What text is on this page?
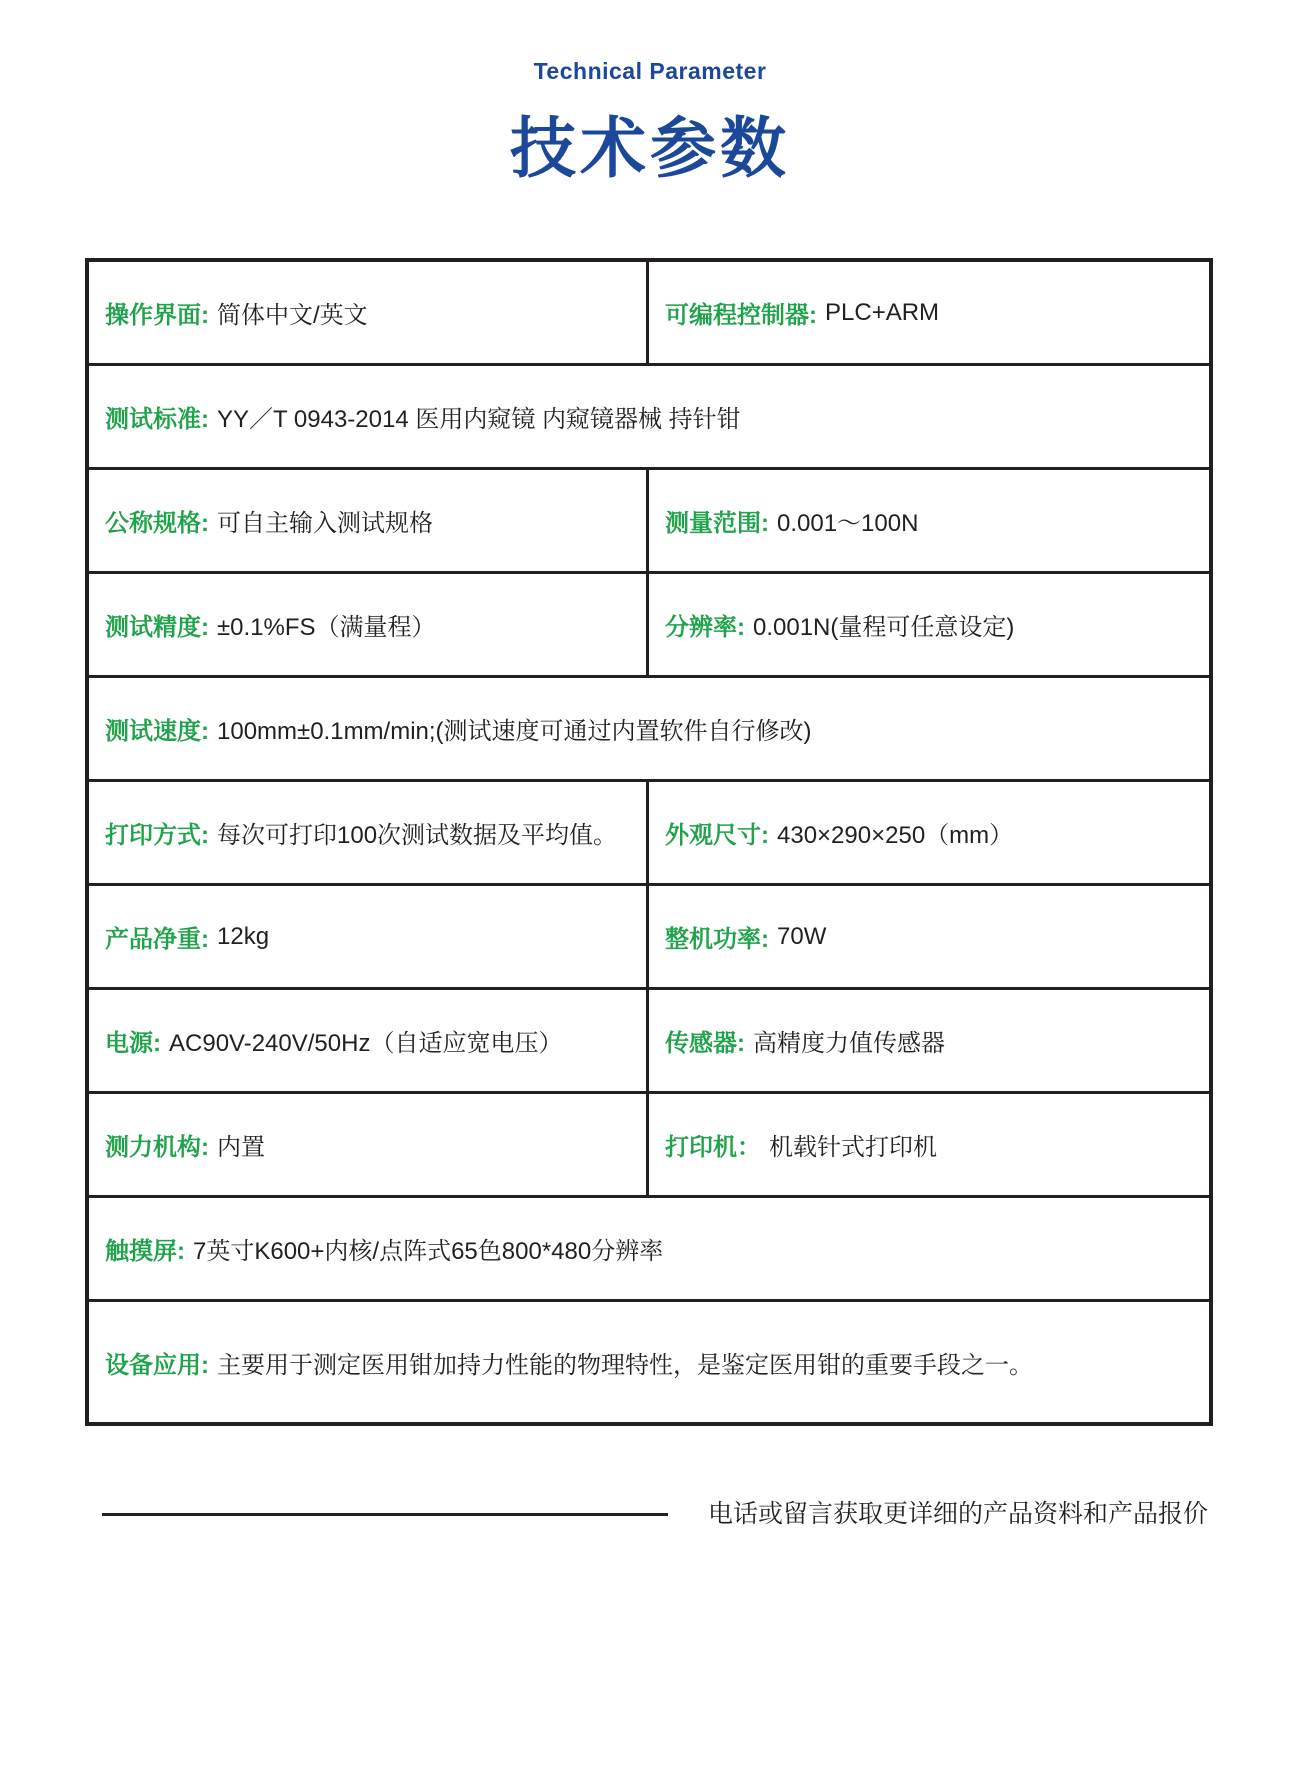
Technical Parameter
技术参数
操作界面: 简体中文/英文	可编程控制器: PLC+ARM
测试标准: YY／T 0943-2014 医用内窥镜 内窥镜器械 持针钳
公称规格: 可自主输入测试规格	测量范围: 0.001～100N
测试精度: ±0.1%FS（满量程）	分辨率: 0.001N(量程可任意设定)
测试速度: 100mm±0.1mm/min;(测试速度可通过内置软件自行修改)
打印方式: 每次可打印100次测试数据及平均值。 外观尺寸: 430×290×250（mm）
产品净重: 12kg	整机功率: 70W
电源: AC90V-240V/50Hz（自适应宽电压）	传感器: 高精度力值传感器
测力机构: 内置	打印机： 机载针式打印机
触摸屏: 7英寸K600+内核/点阵式65色800*480分辨率
设备应用: 主要用于测定医用钳加持力性能的物理特性，是鉴定医用钳的重要手段之一。
电话或留言获取更详细的产品资料和产品报价
